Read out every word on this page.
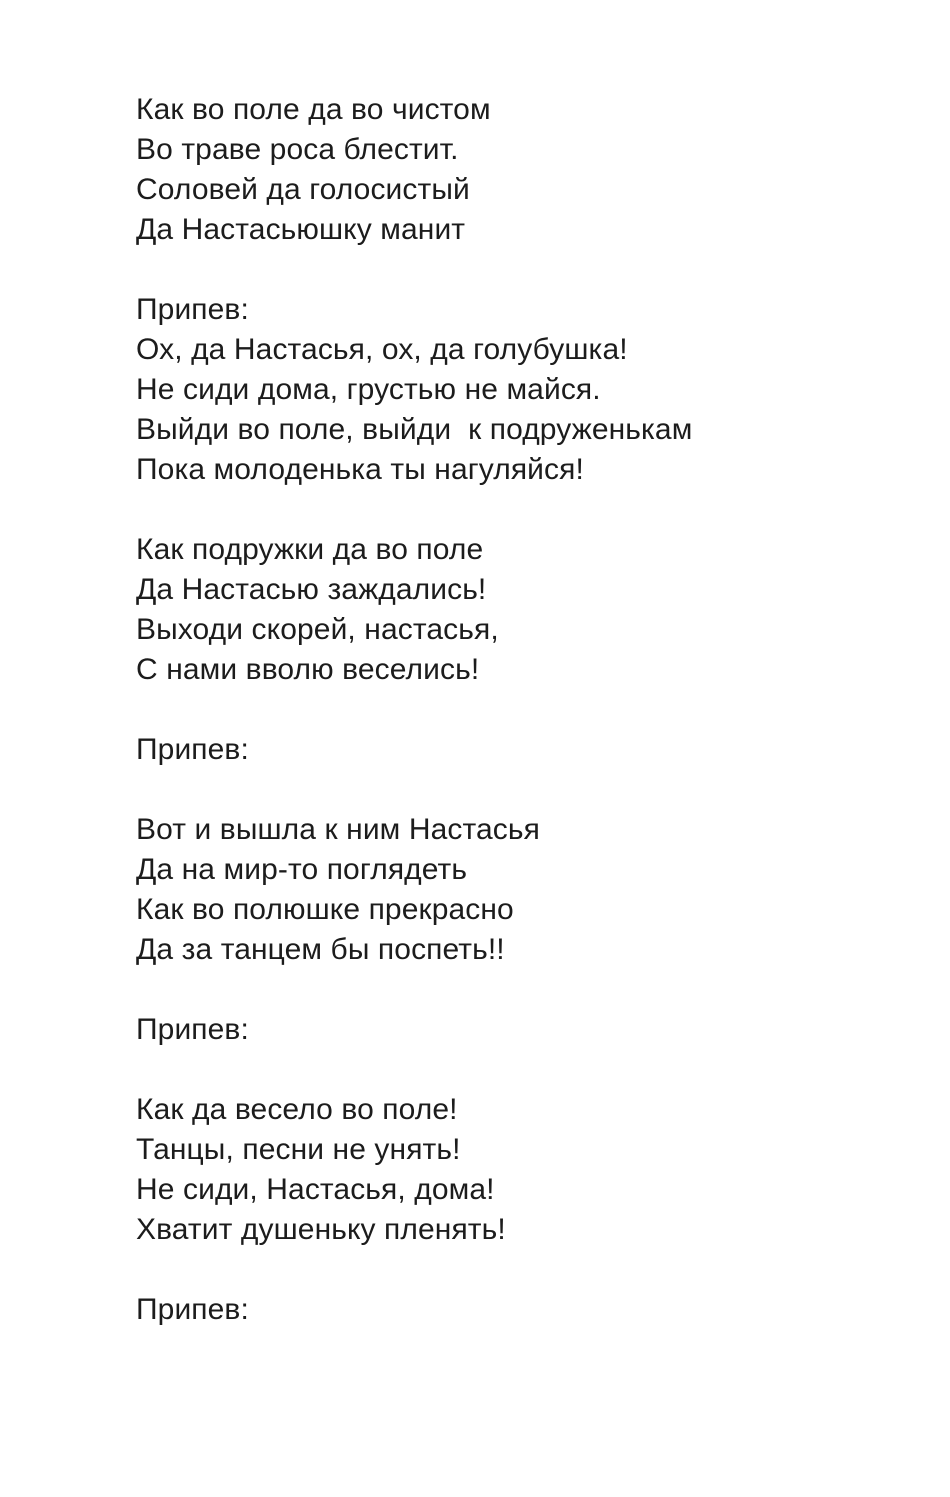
Как во поле да во чистом
Во траве роса блестит.
Соловей да голосистый
Да Настасьюшку манит
Припев:
Ох, да Настасья, ох, да голубушка!
Не сиди дома, грустью не майся.
Выйди во поле, выйди  к подруженькам
Пока молоденька ты нагуляйся!
Как подружки да во поле
Да Настасью заждались!
Выходи скорей, настасья,
С нами вволю веселись!
Припев:
Вот и вышла к ним Настасья
Да на мир-то поглядеть
Как во полюшке прекрасно
Да за танцем бы поспеть!!
Припев:
Как да весело во поле!
Танцы, песни не унять!
Не сиди, Настасья, дома!
Хватит душеньку пленять!
Припев:
